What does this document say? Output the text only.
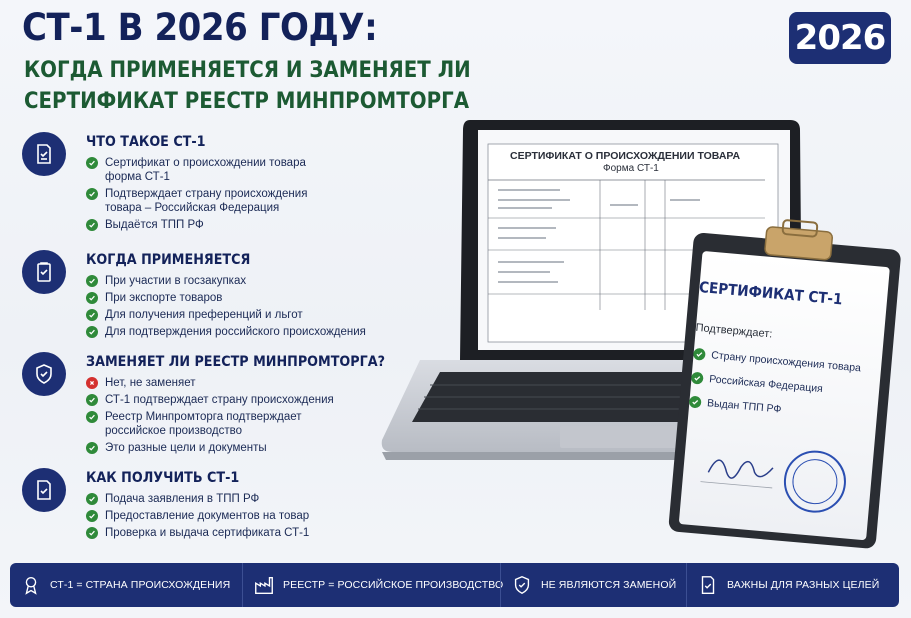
СТ-1 В 2026 ГОДУ:
КОГДА ПРИМЕНЯЕТСЯ И ЗАМЕНЯЕТ ЛИ
СЕРТИФИКАТ РЕЕСТР МИНПРОМТОРГА
2026
ЧТО ТАКОЕ СТ-1
Сертификат о происхождении товара
форма СТ-1
Подтверждает страну происхождения
товара – Российская Федерация
Выдаётся ТПП РФ
КОГДА ПРИМЕНЯЕТСЯ
При участии в госзакупках
При экспорте товаров
Для получения преференций и льгот
Для подтверждения российского происхождения
ЗАМЕНЯЕТ ЛИ РЕЕСТР МИНПРОМТОРГА?
Нет, не заменяет
СТ-1 подтверждает страну происхождения
Реестр Минпромторга подтверждает
российское производство
Это разные цели и документы
КАК ПОЛУЧИТЬ СТ-1
Подача заявления в ТПП РФ
Предоставление документов на товар
Проверка и выдача сертификата СТ-1
СЕРТИФИКАТ О ПРОИСХОЖДЕНИИ ТОВАРА
Форма СТ-1
СЕРТИФИКАТ СТ-1
Подтверждает:
Страну происхождения товара
Российская Федерация
Выдан ТПП РФ
СТ-1 = СТРАНА ПРОИСХОЖДЕНИЯ	РЕЕСТР = РОССИЙСКОЕ ПРОИЗВОДСТВО	НЕ ЯВЛЯЮТСЯ ЗАМЕНОЙ	ВАЖНЫ ДЛЯ РАЗНЫХ ЦЕЛЕЙ
